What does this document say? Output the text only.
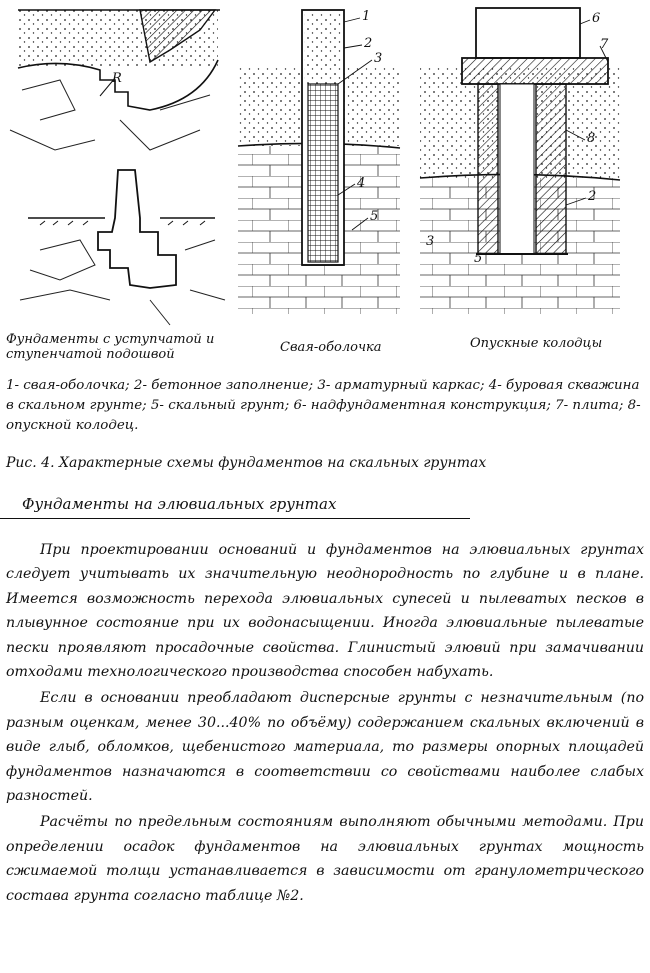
R
1
2
3
4
5
6
7
8
2
3
5
Фундаменты с уступчатой и ступенчатой подошвой	Свая-оболочка	Опускные колодцы
1- свая-оболочка; 2- бетонное заполнение; 3- арматурный каркас; 4- буровая скважина в скальном грунте; 5- скальный грунт; 6- надфундаментная конструкция; 7- плита; 8- опускной колодец.
Рис. 4. Характерные схемы фундаментов на скальных грунтах
Фундаменты на элювиальных грунтах

При проектировании оснований и фундаментов на элювиальных грунтах следует учитывать их значительную неоднородность по глубине и в плане. Имеется возможность перехода элювиальных супесей и пылеватых песков в плывунное состояние при их водонасыщении. Иногда элювиальные пылеватые пески проявляют просадочные свойства. Глинистый элювий при замачивании отходами технологического производства способен набухать.

Если в основании преобладают дисперсные грунты с незначительным (по разным оценкам, менее 30...40% по объёму) содержанием скальных включений в виде глыб, обломков, щебенистого материала, то размеры опорных площадей фундаментов назначаются в соответствии со свойствами наиболее слабых разностей.

Расчёты по предельным состояниям выполняют обычными методами. При определении осадок фундаментов на элювиальных грунтах мощность сжимаемой толщи устанавливается в зависимости от гранулометрического состава грунта согласно таблице №2.
